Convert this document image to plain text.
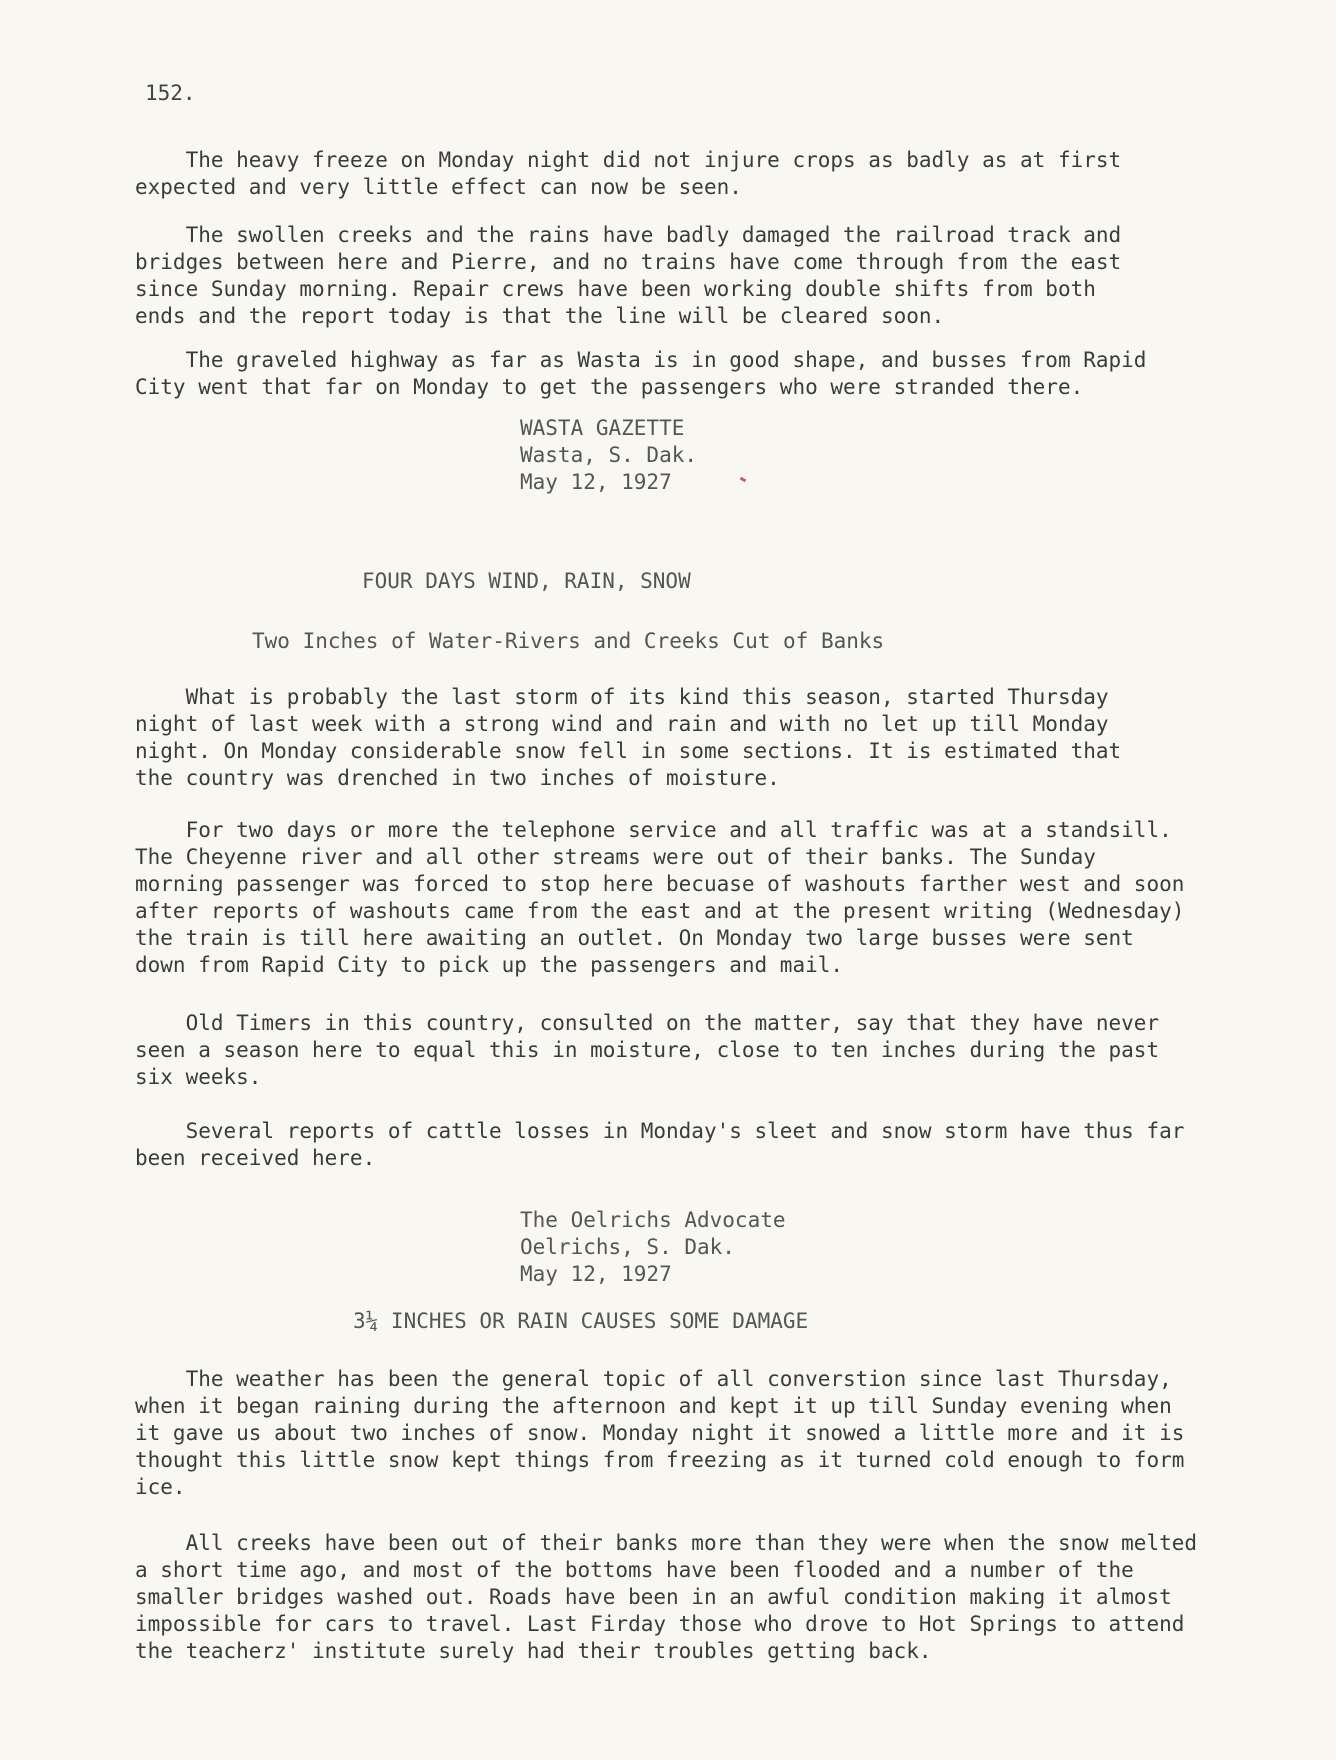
152.

The heavy freeze on Monday night did not injure crops as badly as at first
expected and very little effect can now be seen.

The swollen creeks and the rains have badly damaged the railroad track and
bridges between here and Pierre, and no trains have come through from the east
since Sunday morning. Repair crews have been working double shifts from both
ends and the report today is that the line will be cleared soon.

The graveled highway as far as Wasta is in good shape, and busses from Rapid
City went that far on Monday to get the passengers who were stranded there.

WASTA GAZETTE
Wasta, S. Dak.
May 12, 1927
FOUR DAYS WIND, RAIN, SNOW
Two Inches of Water-Rivers and Creeks Cut of Banks

What is probably the last storm of its kind this season, started Thursday
night of last week with a strong wind and rain and with no let up till Monday
night. On Monday considerable snow fell in some sections. It is estimated that
the country was drenched in two inches of moisture.

For two days or more the telephone service and all traffic was at a standsill.
The Cheyenne river and all other streams were out of their banks. The Sunday
morning passenger was forced to stop here becuase of washouts farther west and soon
after reports of washouts came from the east and at the present writing (Wednesday)
the train is till here awaiting an outlet. On Monday two large busses were sent
down from Rapid City to pick up the passengers and mail.

Old Timers in this country, consulted on the matter, say that they have never
seen a season here to equal this in moisture, close to ten inches during the past
six weeks.

Several reports of cattle losses in Monday's sleet and snow storm have thus far
been received here.

The Oelrichs Advocate
Oelrichs, S. Dak.
May 12, 1927
3¼ INCHES OR RAIN CAUSES SOME DAMAGE

The weather has been the general topic of all converstion since last Thursday,
when it began raining during the afternoon and kept it up till Sunday evening when
it gave us about two inches of snow. Monday night it snowed a little more and it is
thought this little snow kept things from freezing as it turned cold enough to form
ice.

All creeks have been out of their banks more than they were when the snow melted
a short time ago, and most of the bottoms have been flooded and a number of the
smaller bridges washed out. Roads have been in an awful condition making it almost
impossible for cars to travel. Last Firday those who drove to Hot Springs to attend
the teacherz' institute surely had their troubles getting back.
